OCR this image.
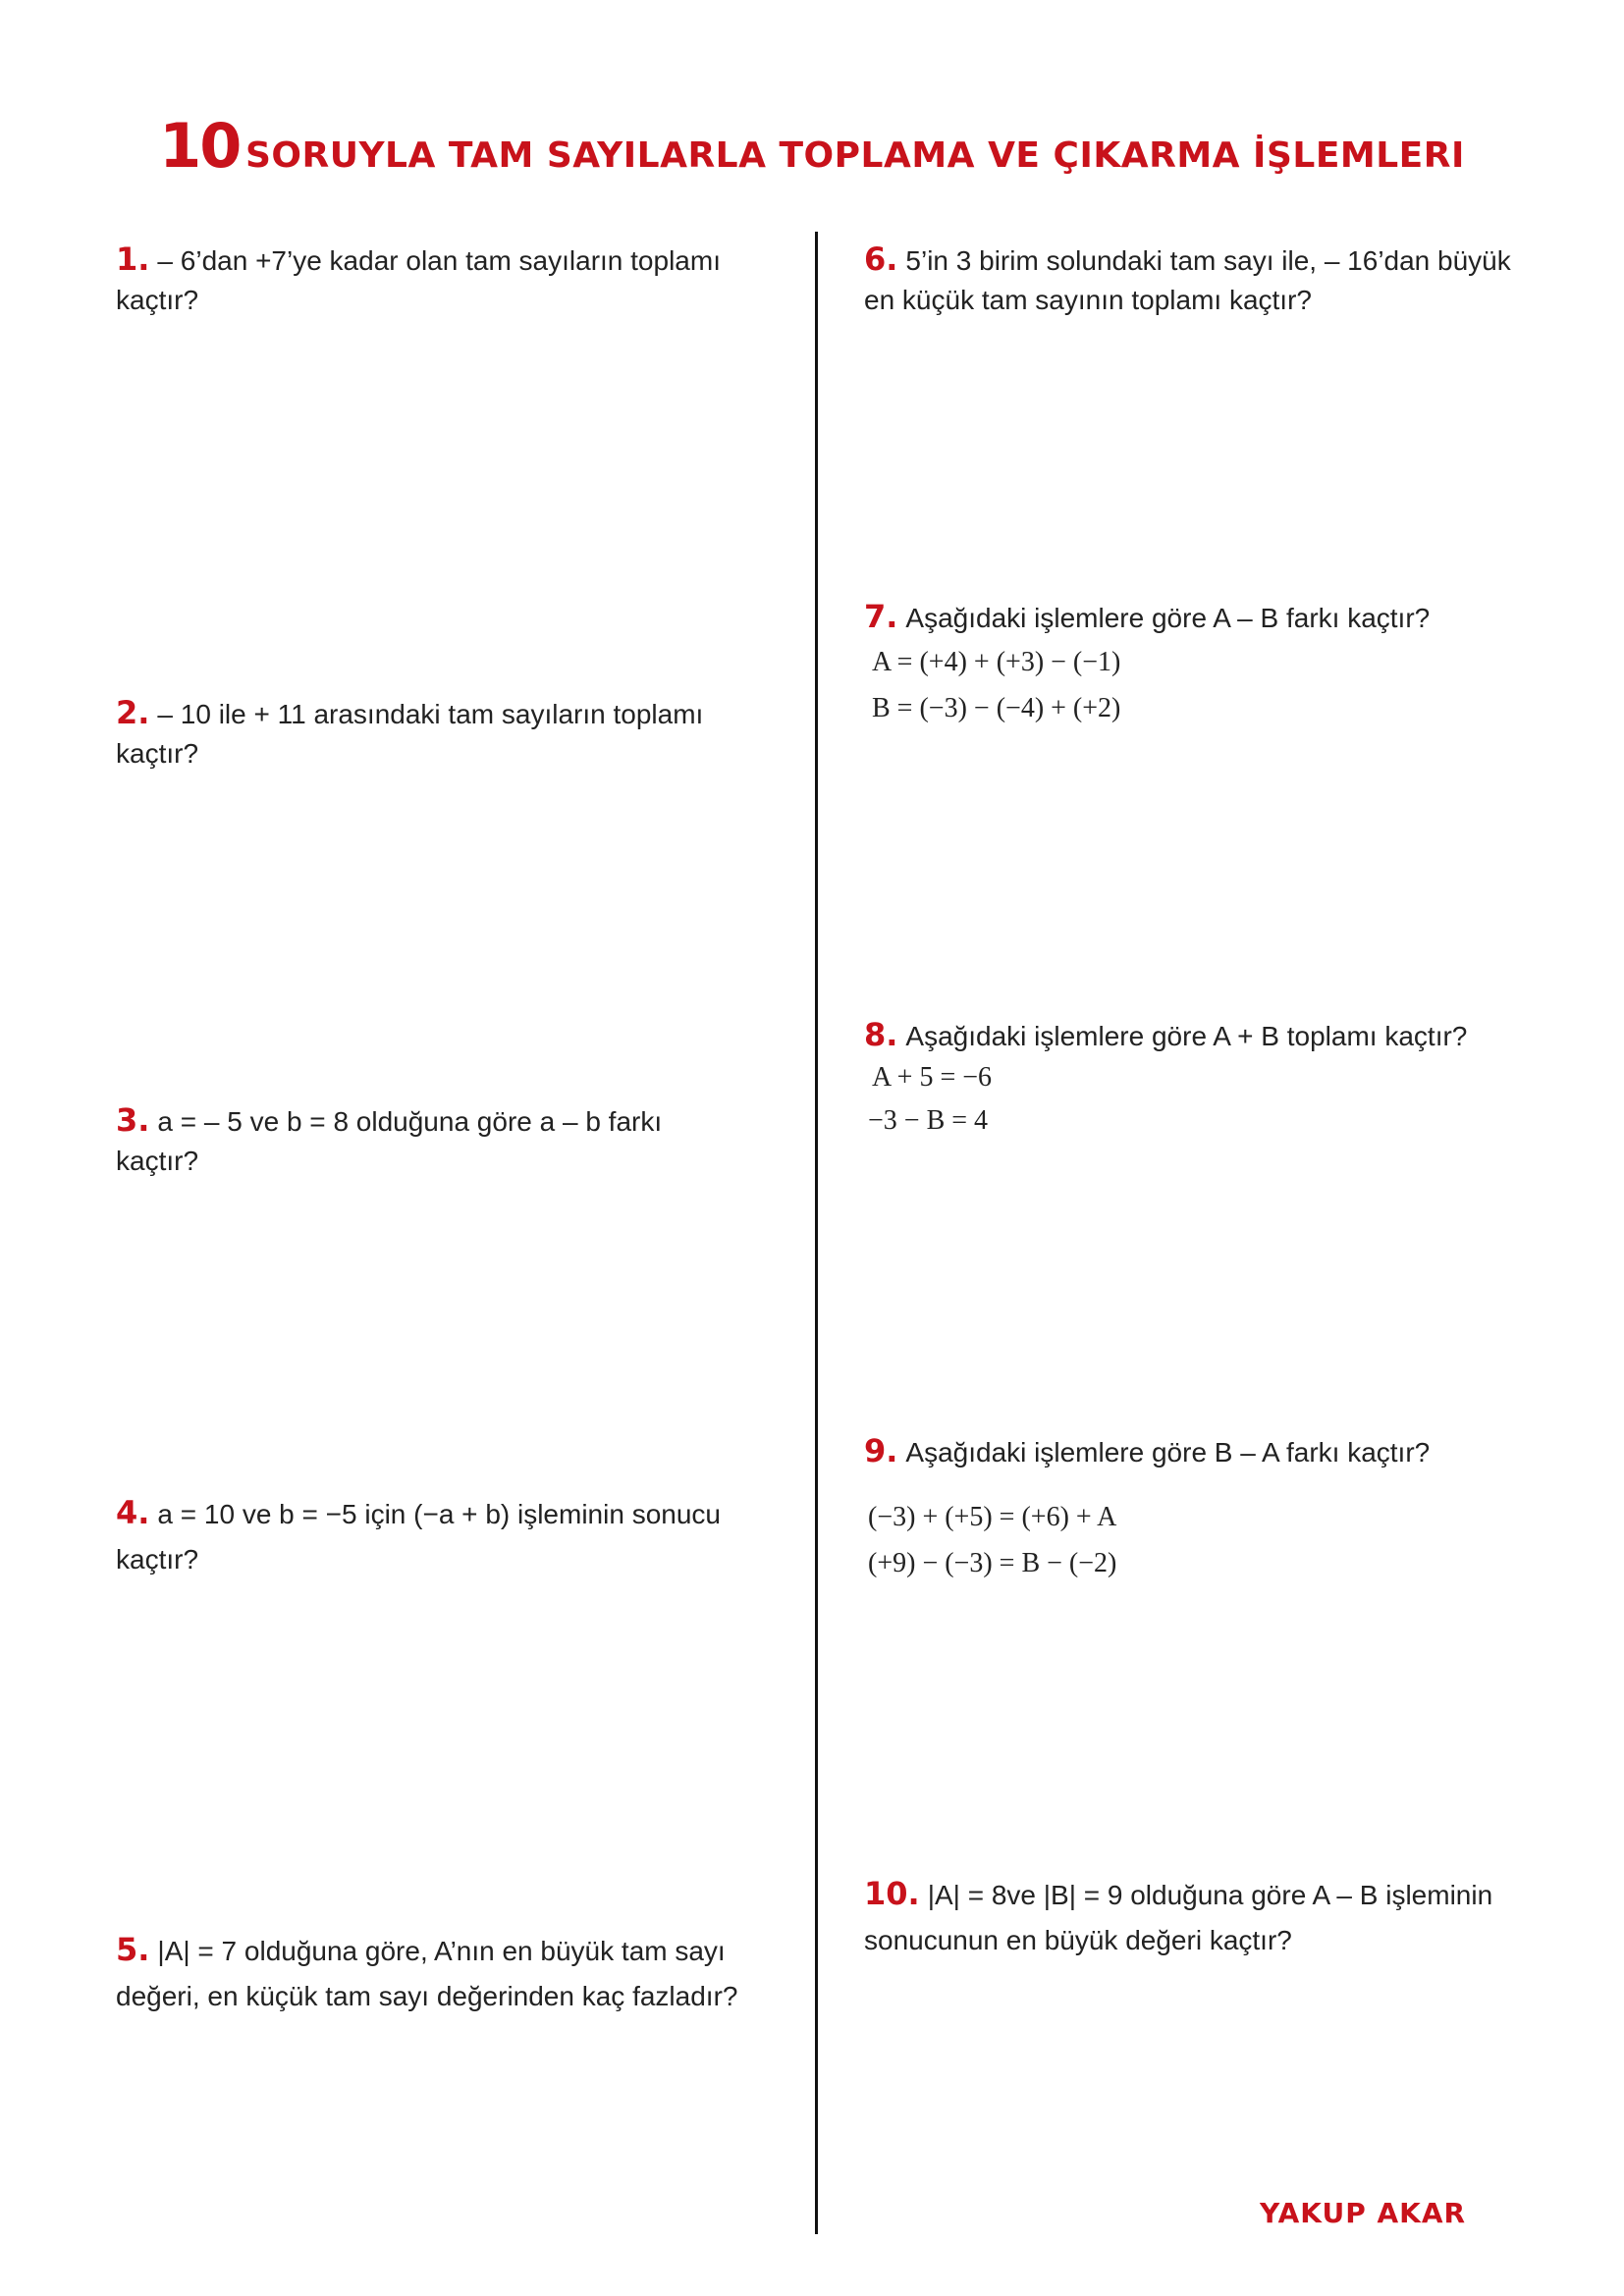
10 SORUYLA TAM SAYILARLA TOPLAMA VE ÇIKARMA İŞLEMLERI
1. – 6’dan +7’ye kadar olan tam sayıların toplamı
kaçtır?
2. – 10 ile + 11 arasındaki tam sayıların toplamı
kaçtır?
3. a = – 5 ve b = 8 olduğuna göre a – b farkı
kaçtır?
4. a = 10 ve b = −5 için (−a + b) işleminin sonucu
kaçtır?
5. |A| = 7 olduğuna göre, A’nın en büyük tam sayı
değeri, en küçük tam sayı değerinden kaç fazladır?
6. 5’in 3 birim solundaki tam sayı ile, – 16’dan büyük
en küçük tam sayının toplamı kaçtır?
7. Aşağıdaki işlemlere göre A – B farkı kaçtır?
A = (+4) + (+3) − (−1)
B = (−3) − (−4) + (+2)
8. Aşağıdaki işlemlere göre A + B toplamı kaçtır?
A + 5 = −6
−3 − B = 4
9. Aşağıdaki işlemlere göre B – A farkı kaçtır?
(−3) + (+5) = (+6) + A
(+9) − (−3) = B − (−2)
10. |A| = 8ve |B| = 9 olduğuna göre A – B işleminin
sonucunun en büyük değeri kaçtır?
YAKUP AKAR
